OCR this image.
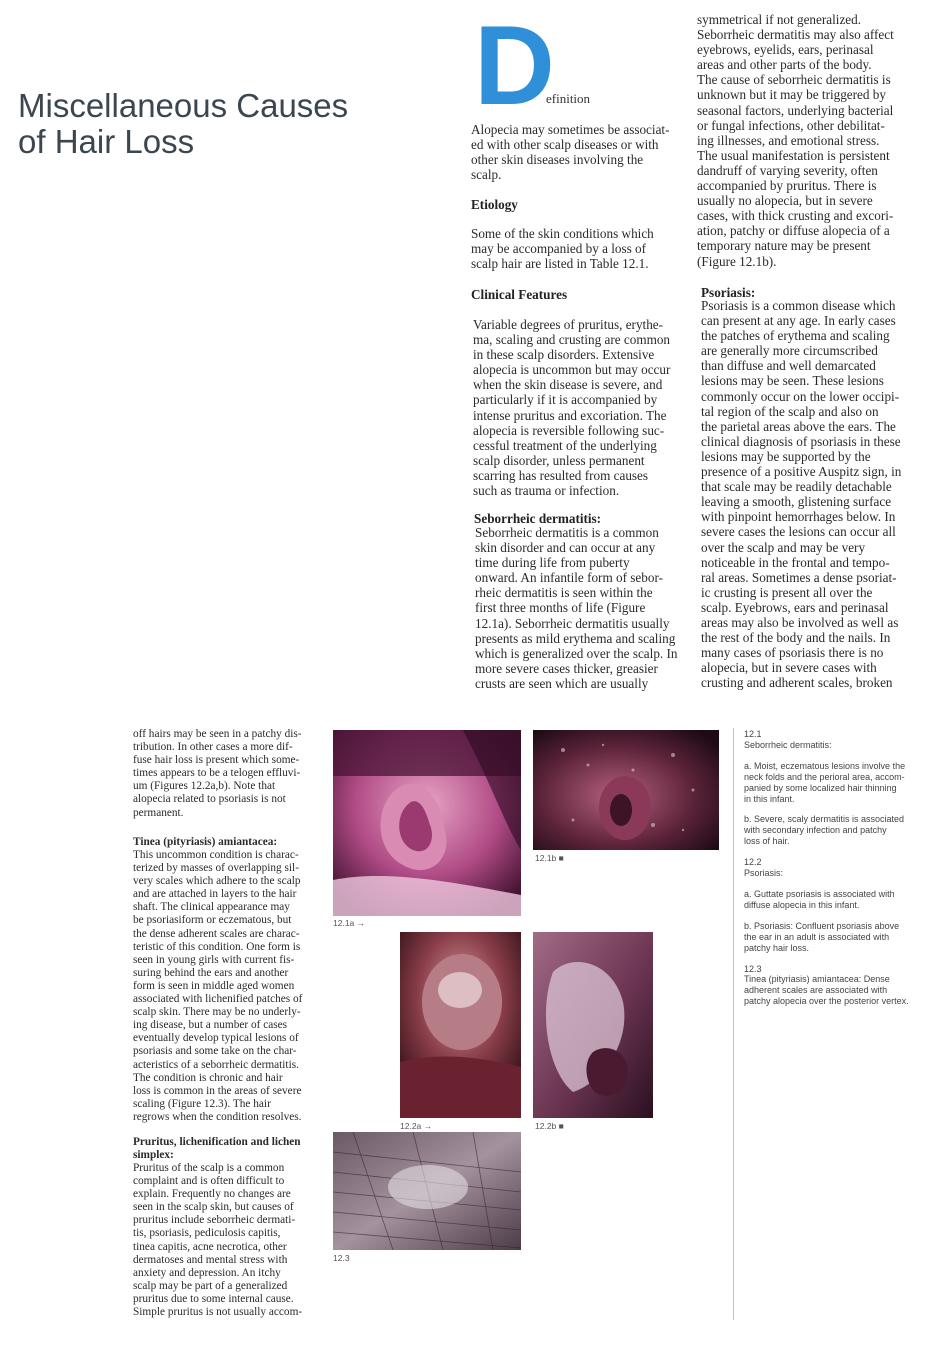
Miscellaneous Causes
of Hair Loss
D
efinition
Alopecia may sometimes be associat-
ed with other scalp diseases or with
other skin diseases involving the
scalp.
Etiology
Some of the skin conditions which
may be accompanied by a loss of
scalp hair are listed in Table 12.1.
Clinical Features
Variable degrees of pruritus, erythe-
ma, scaling and crusting are common
in these scalp disorders. Extensive
alopecia is uncommon but may occur
when the skin disease is severe, and
particularly if it is accompanied by
intense pruritus and excoriation. The
alopecia is reversible following suc-
cessful treatment of the underlying
scalp disorder, unless permanent
scarring has resulted from causes
such as trauma or infection.
Seborrheic dermatitis:
Seborrheic dermatitis is a common
skin disorder and can occur at any
time during life from puberty
onward. An infantile form of sebor-
rheic dermatitis is seen within the
first three months of life (Figure
12.1a). Seborrheic dermatitis usually
presents as mild erythema and scaling
which is generalized over the scalp. In
more severe cases thicker, greasier
crusts are seen which are usually
symmetrical if not generalized.
Seborrheic dermatitis may also affect
eyebrows, eyelids, ears, perinasal
areas and other parts of the body.
The cause of seborrheic dermatitis is
unknown but it may be triggered by
seasonal factors, underlying bacterial
or fungal infections, other debilitat-
ing illnesses, and emotional stress.
The usual manifestation is persistent
dandruff of varying severity, often
accompanied by pruritus. There is
usually no alopecia, but in severe
cases, with thick crusting and excori-
ation, patchy or diffuse alopecia of a
temporary nature may be present
(Figure 12.1b).
Psoriasis:
Psoriasis is a common disease which
can present at any age. In early cases
the patches of erythema and scaling
are generally more circumscribed
than diffuse and well demarcated
lesions may be seen. These lesions
commonly occur on the lower occipi-
tal region of the scalp and also on
the parietal areas above the ears. The
clinical diagnosis of psoriasis in these
lesions may be supported by the
presence of a positive Auspitz sign, in
that scale may be readily detachable
leaving a smooth, glistening surface
with pinpoint hemorrhages below. In
severe cases the lesions can occur all
over the scalp and may be very
noticeable in the frontal and tempo-
ral areas. Sometimes a dense psoriat-
ic crusting is present all over the
scalp. Eyebrows, ears and perinasal
areas may also be involved as well as
the rest of the body and the nails. In
many cases of psoriasis there is no
alopecia, but in severe cases with
crusting and adherent scales, broken
off hairs may be seen in a patchy dis-
tribution. In other cases a more dif-
fuse hair loss is present which some-
times appears to be a telogen effluvi-
um (Figures 12.2a,b). Note that
alopecia related to psoriasis is not
permanent.
Tinea (pityriasis) amiantacea:
This uncommon condition is charac-
terized by masses of overlapping sil-
very scales which adhere to the scalp
and are attached in layers to the hair
shaft. The clinical appearance may
be psoriasiform or eczematous, but
the dense adherent scales are charac-
teristic of this condition. One form is
seen in young girls with current fis-
suring behind the ears and another
form is seen in middle aged women
associated with lichenified patches of
scalp skin. There may be no underly-
ing disease, but a number of cases
eventually develop typical lesions of
psoriasis and some take on the char-
acteristics of a seborrheic dermatitis.
The condition is chronic and hair
loss is common in the areas of severe
scaling (Figure 12.3). The hair
regrows when the condition resolves.
Pruritus, lichenification and lichen
simplex:
Pruritus of the scalp is a common
complaint and is often difficult to
explain. Frequently no changes are
seen in the scalp skin, but causes of
pruritus include seborrheic dermati-
tis, psoriasis, pediculosis capitis,
tinea capitis, acne necrotica, other
dermatoses and mental stress with
anxiety and depression. An itchy
scalp may be part of a generalized
pruritus due to some internal cause.
Simple pruritus is not usually accom-
12.1a →
12.1b ■
12.2a →	12.2b ■
12.3
12.1
Seborrheic dermatitis:
a. Moist, eczematous lesions involve the
neck folds and the perioral area, accom-
panied by some localized hair thinning
in this infant.
b. Severe, scaly dermatitis is associated
with secondary infection and patchy
loss of hair.
12.2
Psoriasis:
a. Guttate psoriasis is associated with
diffuse alopecia in this infant.
b. Psoriasis: Confluent psoriasis above
the ear in an adult is associated with
patchy hair loss.
12.3
Tinea (pityriasis) amiantacea: Dense
adherent scales are associated with
patchy alopecia over the posterior vertex.
